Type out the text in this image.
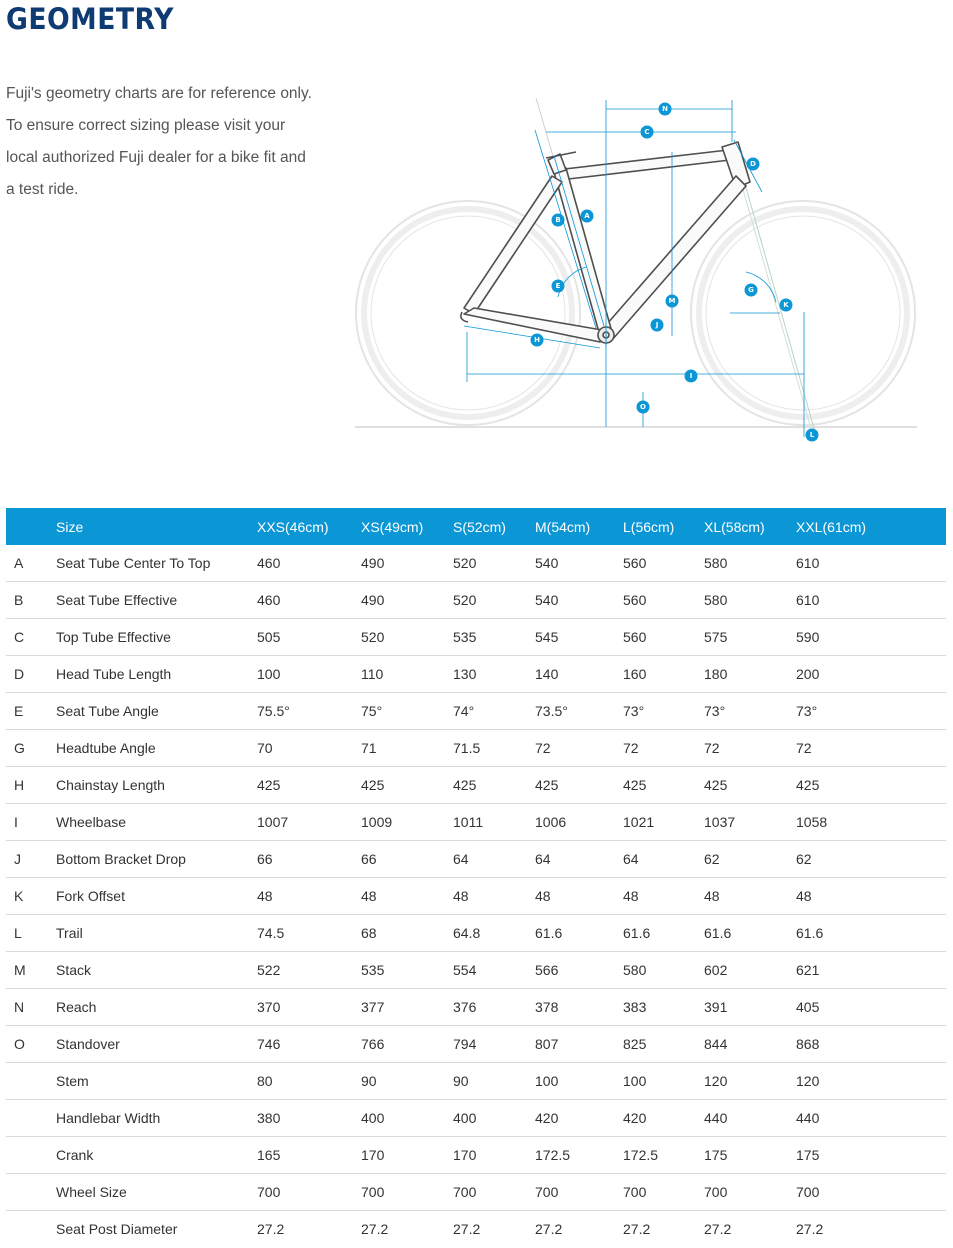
GEOMETRY

Fuji's geometry charts are for reference only. To ensure correct sizing please visit your local authorized Fuji dealer for a bike fit and a test ride.

N
C
D
B	A
E	G
K
M
J
H
I
O
L
	Size	XXS(46cm)	XS(49cm)	S(52cm)	M(54cm)	L(56cm)	XL(58cm)	XXL(61cm)
A	Seat Tube Center To Top	460	490	520	540	560	580	610
B	Seat Tube Effective	460	490	520	540	560	580	610
C	Top Tube Effective	505	520	535	545	560	575	590
D	Head Tube Length	100	110	130	140	160	180	200
E	Seat Tube Angle	75.5°	75°	74°	73.5°	73°	73°	73°
G	Headtube Angle	70	71	71.5	72	72	72	72
H	Chainstay Length	425	425	425	425	425	425	425
I	Wheelbase	1007	1009	1011	1006	1021	1037	1058
J	Bottom Bracket Drop	66	66	64	64	64	62	62
K	Fork Offset	48	48	48	48	48	48	48
L	Trail	74.5	68	64.8	61.6	61.6	61.6	61.6
M	Stack	522	535	554	566	580	602	621
N	Reach	370	377	376	378	383	391	405
O	Standover	746	766	794	807	825	844	868
	Stem	80	90	90	100	100	120	120
	Handlebar Width	380	400	400	420	420	440	440
	Crank	165	170	170	172.5	172.5	175	175
	Wheel Size	700	700	700	700	700	700	700
	Seat Post Diameter	27.2	27.2	27.2	27.2	27.2	27.2	27.2
